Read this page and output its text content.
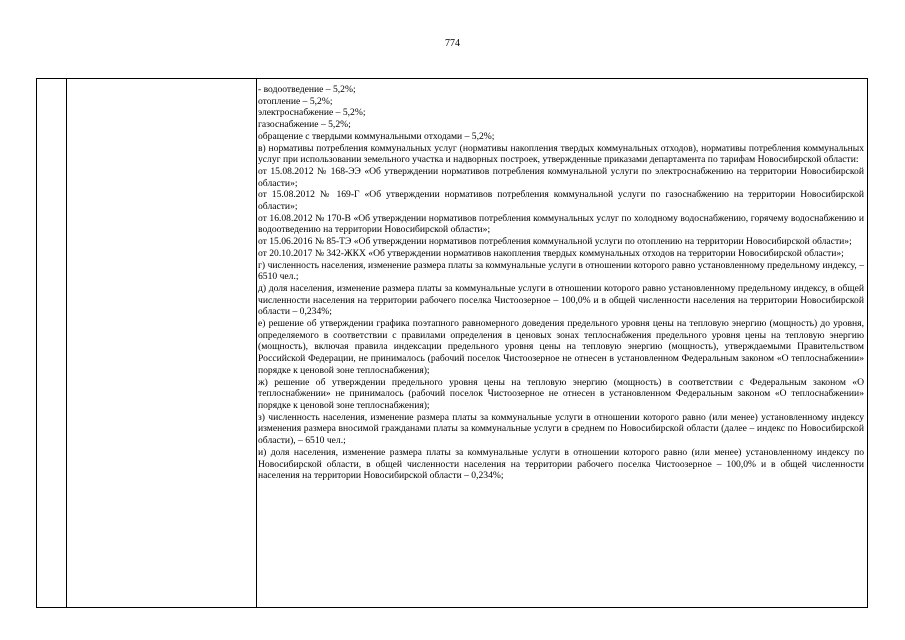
774

- водоотведение – 5,2%;

отопление – 5,2%;

электроснабжение – 5,2%;

газоснабжение – 5,2%;

обращение с твердыми коммунальными отходами – 5,2%;

в) нормативы потребления коммунальных услуг (нормативы накопления твердых коммунальных отходов), нормативы потребления коммунальных услуг при использовании земельного участка и надворных построек, утвержденные приказами департамента по тарифам Новосибирской области:

от 15.08.2012 № 168-ЭЭ «Об утверждении нормативов потребления коммунальной услуги по электроснабжению на территории Новосибирской области»;

от 15.08.2012 № 169-Г «Об утверждении нормативов потребления коммунальной услуги по газоснабжению на территории Новосибирской области»;

от 16.08.2012 № 170-В «Об утверждении нормативов потребления коммунальных услуг по холодному водоснабжению, горячему водоснабжению и водоотведению на территории Новосибирской области»;

от 15.06.2016 № 85-ТЭ «Об утверждении нормативов потребления коммунальной услуги по отоплению на территории Новосибирской области»;

от 20.10.2017 № 342-ЖКХ «Об утверждении нормативов накопления твердых коммунальных отходов на территории Новосибирской области»;

г) численность населения, изменение размера платы за коммунальные услуги в отношении которого равно установленному предельному индексу, – 6510 чел.;

д) доля населения, изменение размера платы за коммунальные услуги в отношении которого равно установленному предельному индексу, в общей численности населения на территории рабочего поселка Чистоозерное – 100,0% и в общей численности населения на территории Новосибирской области – 0,234%;

е) решение об утверждении графика поэтапного равномерного доведения предельного уровня цены на тепловую энергию (мощность) до уровня, определяемого в соответствии с правилами определения в ценовых зонах теплоснабжения предельного уровня цены на тепловую энергию (мощность), включая правила индексации предельного уровня цены на тепловую энергию (мощность), утверждаемыми Правительством Российской Федерации, не принималось (рабочий поселок Чистоозерное не отнесен в установленном Федеральным законом «О теплоснабжении» порядке к ценовой зоне теплоснабжения);

ж) решение об утверждении предельного уровня цены на тепловую энергию (мощность) в соответствии с Федеральным законом «О теплоснабжении» не принималось (рабочий поселок Чистоозерное не отнесен в установленном Федеральным законом «О теплоснабжении» порядке к ценовой зоне теплоснабжения);

з) численность населения, изменение размера платы за коммунальные услуги в отношении которого равно (или менее) установленному индексу изменения размера вносимой гражданами платы за коммунальные услуги в среднем по Новосибирской области (далее – индекс по Новосибирской области), – 6510 чел.;

и) доля населения, изменение размера платы за коммунальные услуги в отношении которого равно (или менее) установленному индексу по Новосибирской области, в общей численности населения на территории рабочего поселка Чистоозерное – 100,0% и в общей численности населения на территории Новосибирской области – 0,234%;
